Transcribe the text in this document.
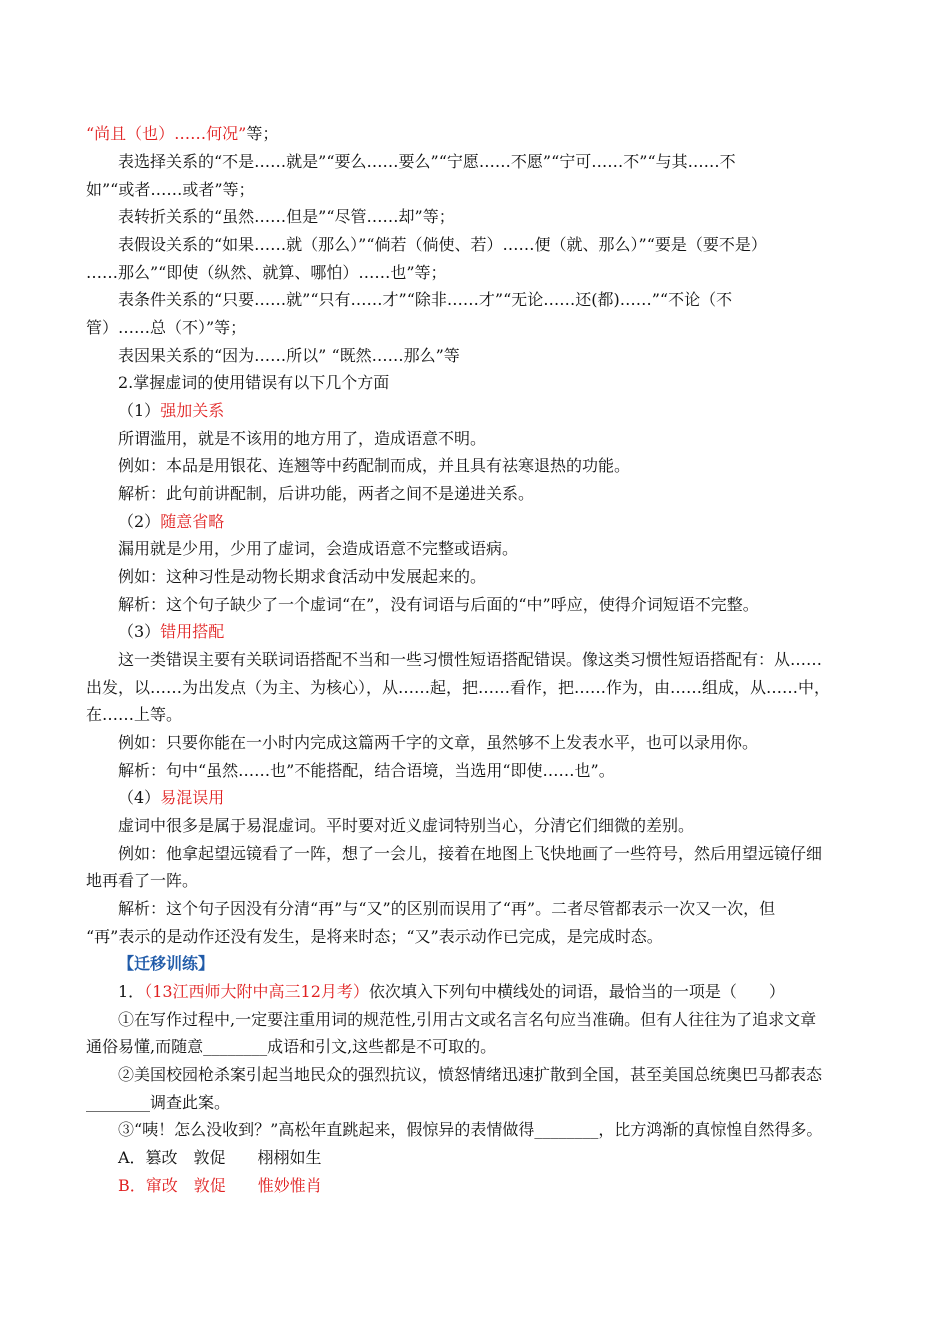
“尚且（也）……何况”等；
表选择关系的“不是……就是”“要么……要么”“宁愿……不愿”“宁可……不”“与其……不
如”“或者……或者”等；
表转折关系的“虽然……但是”“尽管……却”等；
表假设关系的“如果……就（那么）”“倘若（倘使、若）……便（就、那么）”“要是（要不是）
……那么”“即使（纵然、就算、哪怕）……也”等；
表条件关系的“只要……就”“只有……才”“除非……才”“无论……还(都)……”“不论（不
管）……总（不）”等；
表因果关系的“因为……所以” “既然……那么”等
2.掌握虚词的使用错误有以下几个方面
（1）强加关系
所谓滥用，就是不该用的地方用了，造成语意不明。
例如：本品是用银花、连翘等中药配制而成，并且具有祛寒退热的功能。
解析：此句前讲配制，后讲功能，两者之间不是递进关系。
（2）随意省略
漏用就是少用，少用了虚词，会造成语意不完整或语病。
例如：这种习性是动物长期求食活动中发展起来的。
解析：这个句子缺少了一个虚词“在”，没有词语与后面的“中”呼应，使得介词短语不完整。
（3）错用搭配
这一类错误主要有关联词语搭配不当和一些习惯性短语搭配错误。像这类习惯性短语搭配有：从……
出发，以……为出发点（为主、为核心），从……起，把……看作，把……作为，由……组成，从……中，
在……上等。
例如：只要你能在一小时内完成这篇两千字的文章，虽然够不上发表水平，也可以录用你。
解析：句中“虽然……也”不能搭配，结合语境，当选用“即使……也”。
（4）易混误用
虚词中很多是属于易混虚词。平时要对近义虚词特别当心，分清它们细微的差别。
例如：他拿起望远镜看了一阵，想了一会儿，接着在地图上飞快地画了一些符号，然后用望远镜仔细
地再看了一阵。
解析：这个句子因没有分清“再”与“又”的区别而误用了“再”。二者尽管都表示一次又一次，但
“再”表示的是动作还没有发生，是将来时态；“又”表示动作已完成，是完成时态。
【迁移训练】
1．（13江西师大附中高三12月考）依次填入下列句中横线处的词语，最恰当的一项是（　　）
①在写作过程中,一定要注重用词的规范性,引用古文或名言名句应当准确。但有人往往为了追求文章
通俗易懂,而随意________成语和引文,这些都是不可取的。
②美国校园枪杀案引起当地民众的强烈抗议，愤怒情绪迅速扩散到全国，甚至美国总统奥巴马都表态
________调查此案。
③“咦！怎么没收到？”高松年直跳起来，假惊异的表情做得________，比方鸿渐的真惊惶自然得多。
A．篡改　敦促　　栩栩如生
B．窜改　敦促　　惟妙惟肖
